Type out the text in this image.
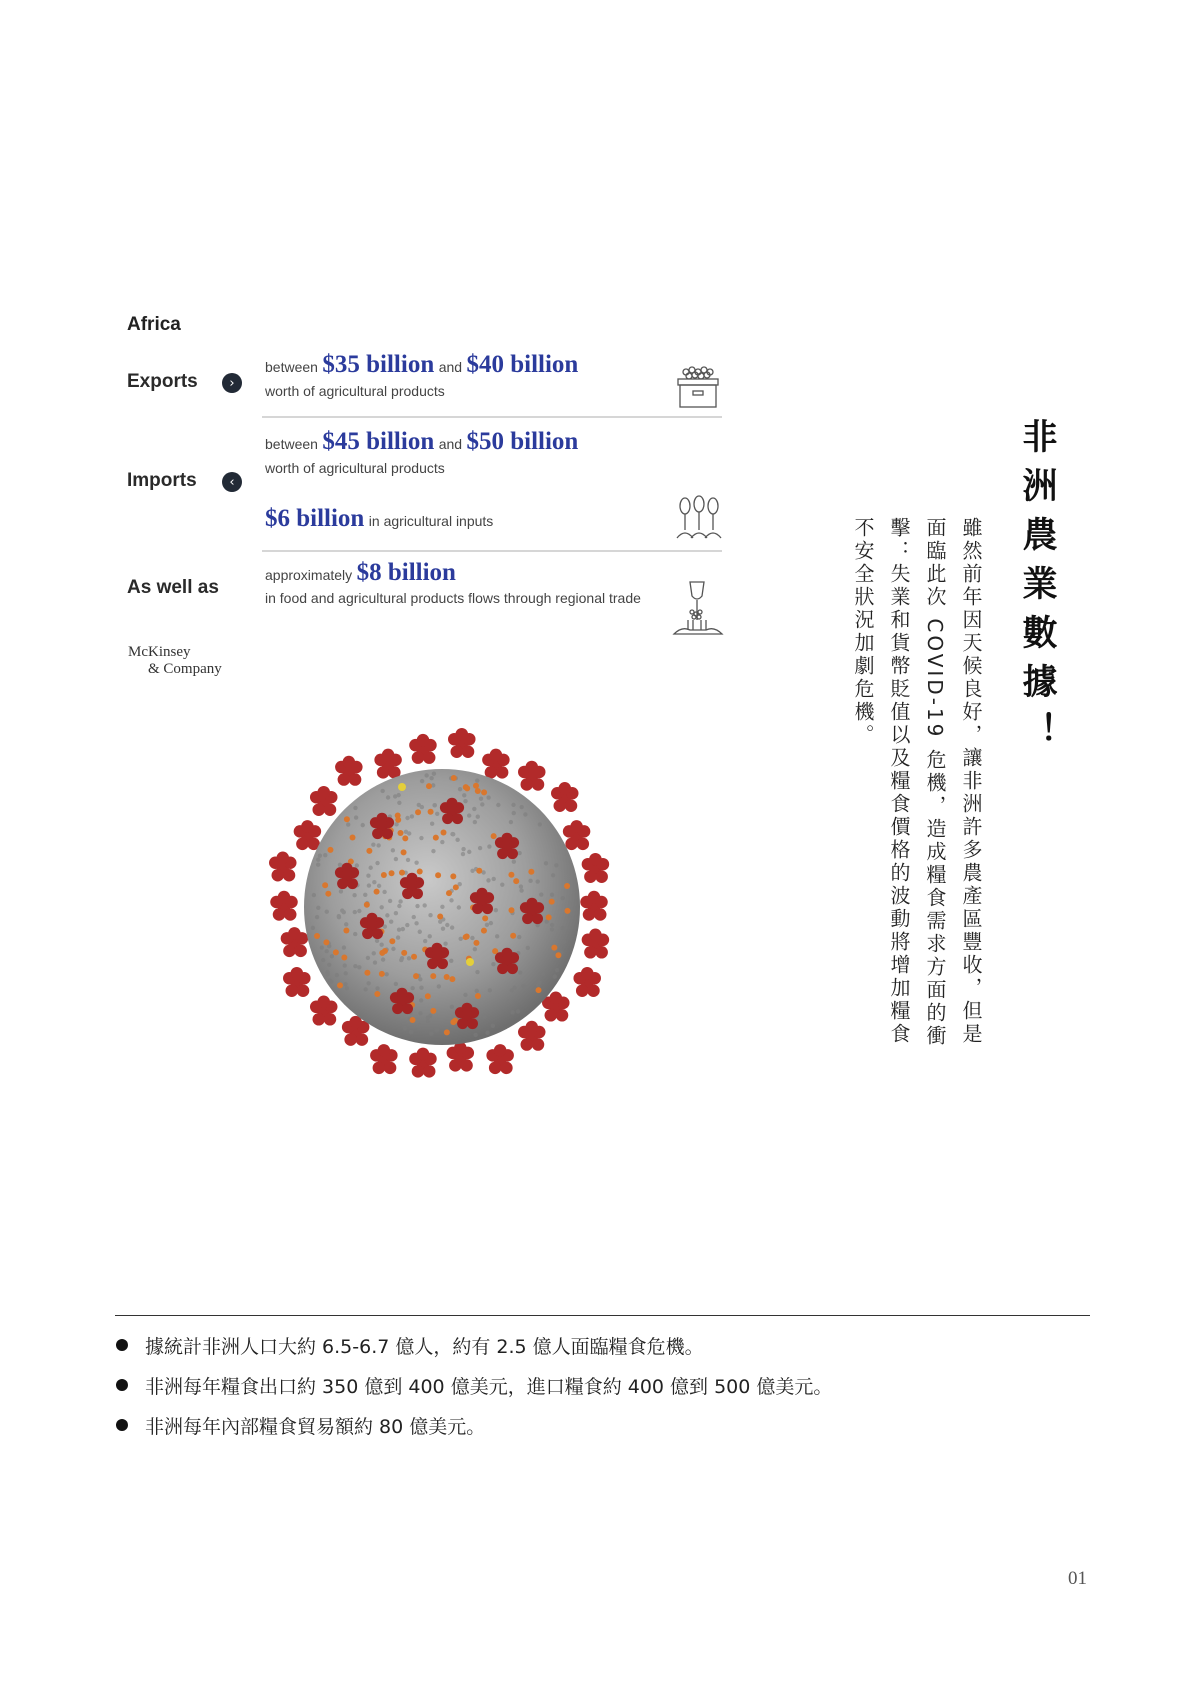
Africa
Exports	›
between $35 billion and $40 billion
worth of agricultural products
Imports	‹
between $45 billion and $50 billion
worth of agricultural products
$6 billion in agricultural inputs
As well as
approximately $8 billion
in food and agricultural products flows through regional trade
McKinsey
& Company	非洲農業數據！
雖然前年因天候良好，讓非洲許多農產區豐收，但是面臨此次 COVID-19 危機，造成糧食需求方面的衝擊：失業和貨幣貶值以及糧食價格的波動將增加糧食不安全狀況加劇危機。
據統計非洲人口大約 6.5-6.7 億人，約有 2.5 億人面臨糧食危機。
非洲每年糧食出口約 350 億到 400 億美元，進口糧食約 400 億到 500 億美元。
非洲每年內部糧食貿易額約 80 億美元。
01
